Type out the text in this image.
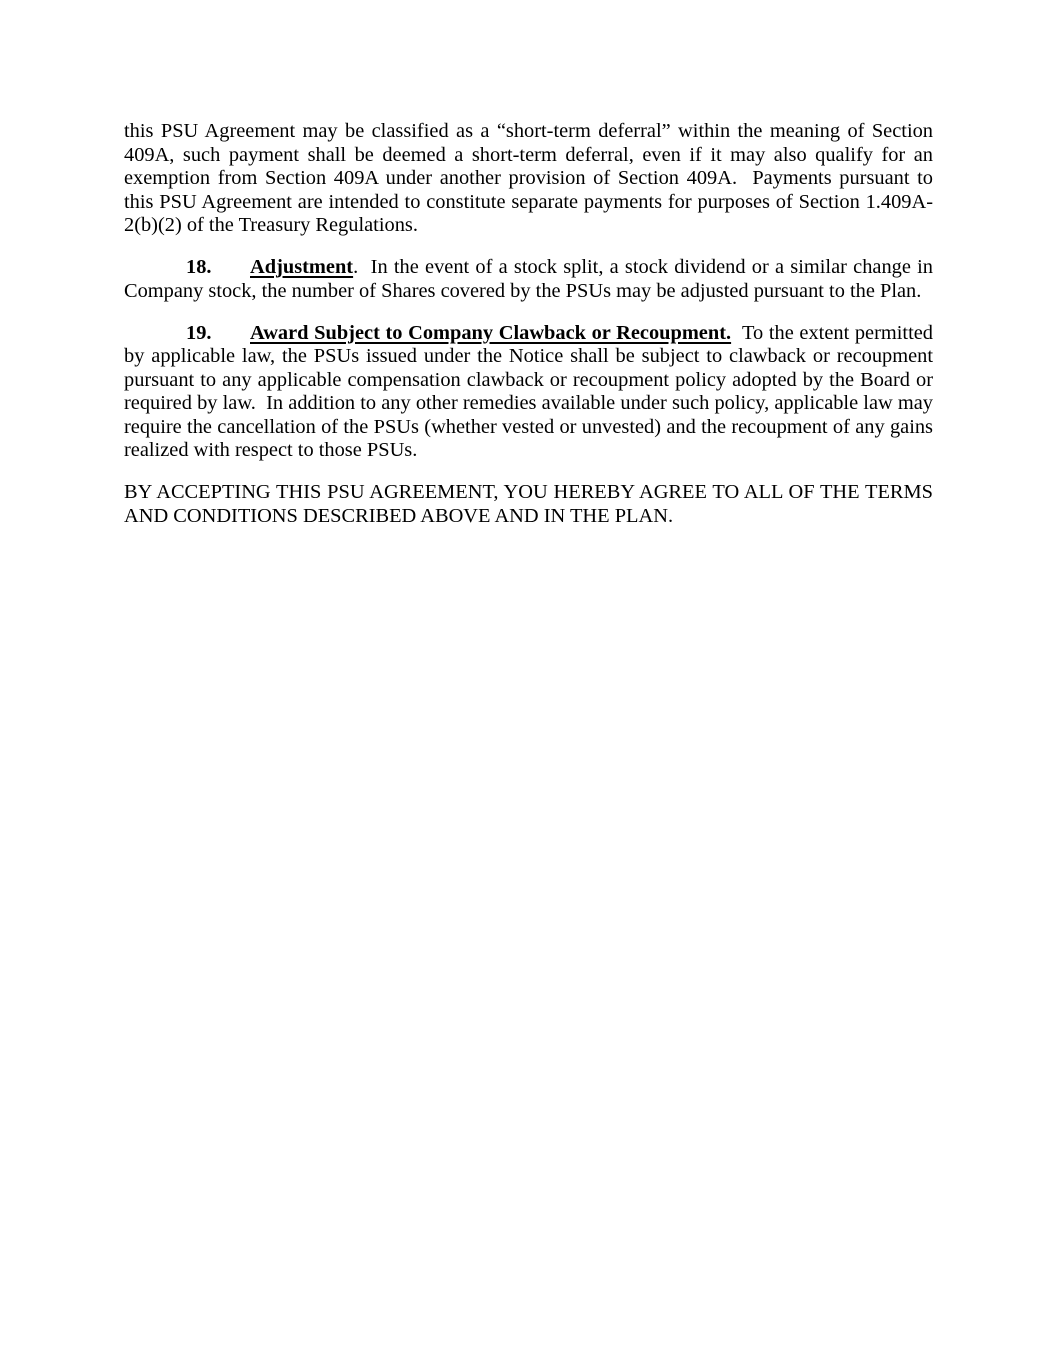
this PSU Agreement may be classified as a “short-term deferral” within the meaning of Section 409A, such payment shall be deemed a short-term deferral, even if it may also qualify for an exemption from Section 409A under another provision of Section 409A.  Payments pursuant to this PSU Agreement are intended to constitute separate payments for purposes of Section 1.409A-2(b)(2) of the Treasury Regulations.

18. Adjustment.  In the event of a stock split, a stock dividend or a similar change in Company stock, the number of Shares covered by the PSUs may be adjusted pursuant to the Plan.

19. Award Subject to Company Clawback or Recoupment.  To the extent permitted by applicable law, the PSUs issued under the Notice shall be subject to clawback or recoupment pursuant to any applicable compensation clawback or recoupment policy adopted by the Board or required by law.  In addition to any other remedies available under such policy, applicable law may require the cancellation of the PSUs (whether vested or unvested) and the recoupment of any gains realized with respect to those PSUs.

BY ACCEPTING THIS PSU AGREEMENT, YOU HEREBY AGREE TO ALL OF THE TERMS AND CONDITIONS DESCRIBED ABOVE AND IN THE PLAN.
